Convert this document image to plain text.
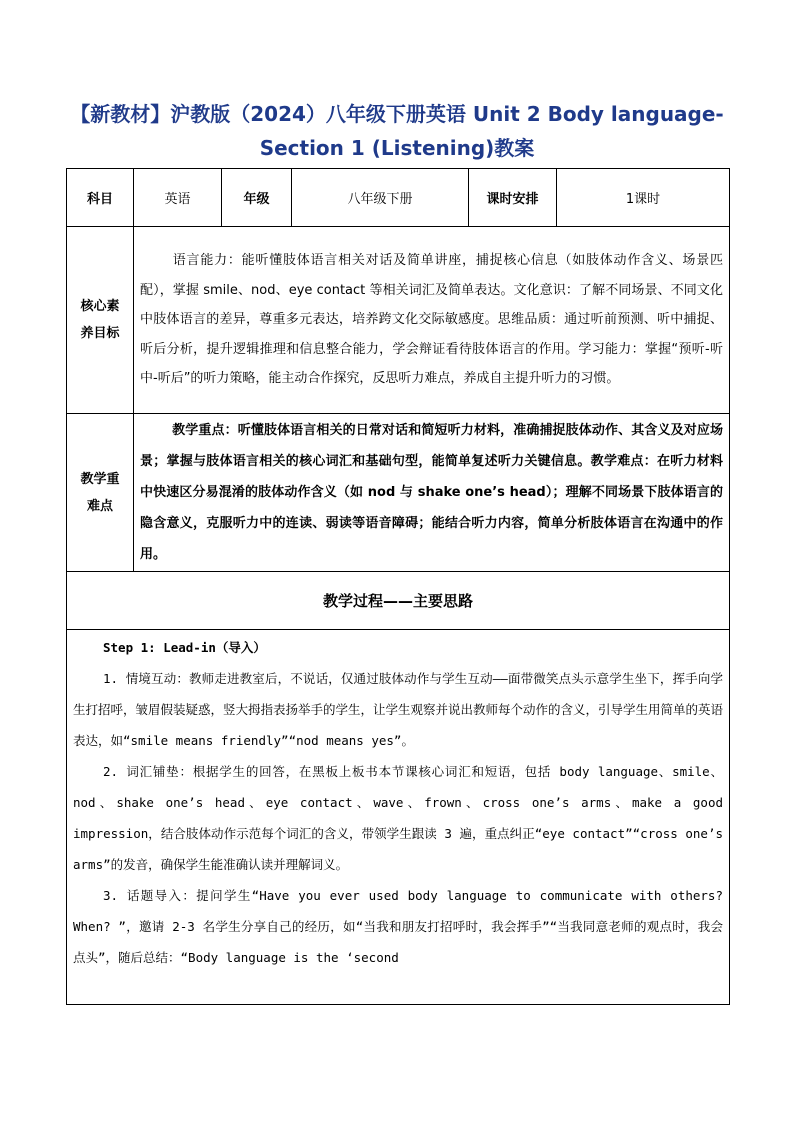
【新教材】沪教版（2024）八年级下册英语 Unit 2 Body language-Section 1 (Listening)教案
科目	英语	年级	八年级下册	课时安排	1课时
核心素养目标	语言能力：能听懂肢体语言相关对话及简单讲座，捕捉核心信息（如肢体动作含义、场景匹配），掌握 smile、nod、eye contact 等相关词汇及简单表达。文化意识：了解不同场景、不同文化中肢体语言的差异，尊重多元表达，培养跨文化交际敏感度。思维品质：通过听前预测、听中捕捉、听后分析，提升逻辑推理和信息整合能力，学会辩证看待肢体语言的作用。学习能力：掌握“预听-听中-听后”的听力策略，能主动合作探究，反思听力难点，养成自主提升听力的习惯。				
教学重难点	教学重点：听懂肢体语言相关的日常对话和简短听力材料，准确捕捉肢体动作、其含义及对应场景；掌握与肢体语言相关的核心词汇和基础句型，能简单复述听力关键信息。教学难点：在听力材料中快速区分易混淆的肢体动作含义（如 nod 与 shake one’s head）；理解不同场景下肢体语言的隐含意义，克服听力中的连读、弱读等语音障碍；能结合听力内容，简单分析肢体语言在沟通中的作用。				
教学过程——主要思路					

Step 1: Lead-in（导入）

1. 情境互动：教师走进教室后，不说话，仅通过肢体动作与学生互动——面带微笑点头示意学生坐下，挥手向学生打招呼，皱眉假装疑惑，竖大拇指表扬举手的学生，让学生观察并说出教师每个动作的含义，引导学生用简单的英语表达，如“smile means friendly”“nod means yes”。

2. 词汇铺垫：根据学生的回答，在黑板上板书本节课核心词汇和短语，包括 body language、smile、nod、shake one’s head、eye contact、wave、frown、cross one’s arms、make a good impression，结合肢体动作示范每个词汇的含义，带领学生跟读 3 遍，重点纠正“eye contact”“cross one’s arms”的发音，确保学生能准确认读并理解词义。

3. 话题导入：提问学生“Have you ever used body language to communicate with others? When? ”，邀请 2-3 名学生分享自己的经历，如“当我和朋友打招呼时，我会挥手”“当我同意老师的观点时，我会点头”，随后总结：“Body language is the ‘second					
